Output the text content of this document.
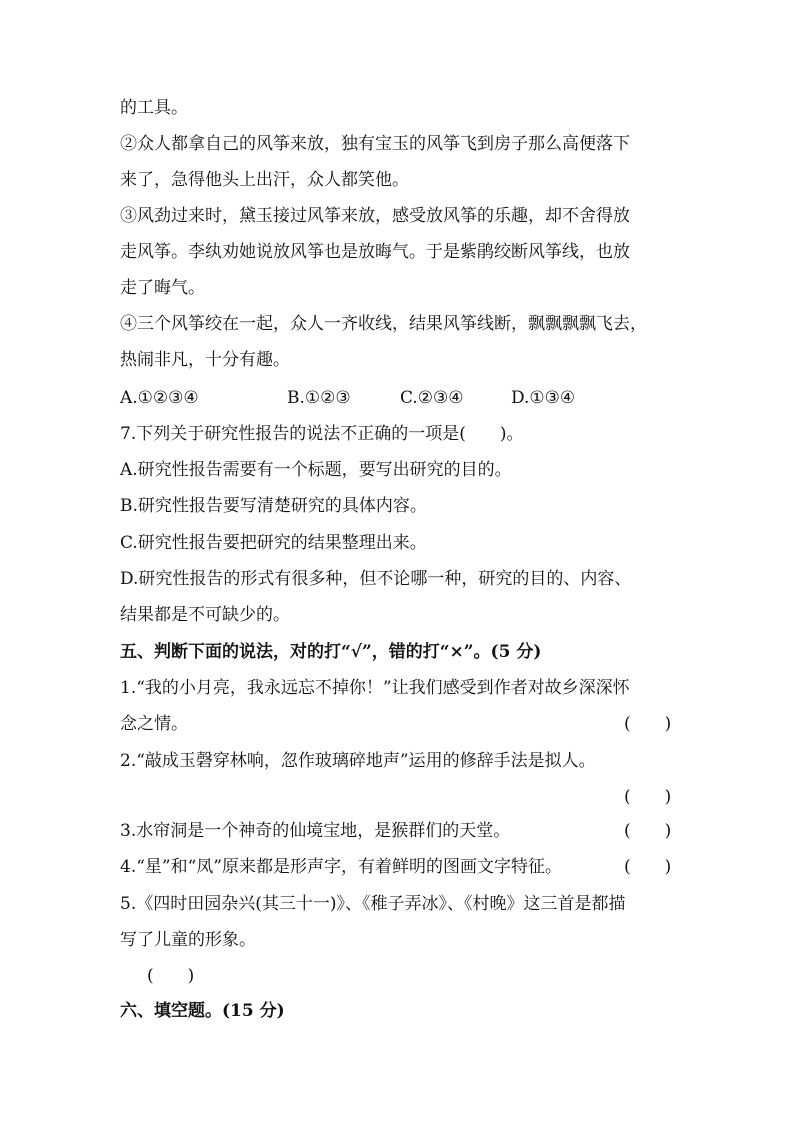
的工具。
②众人都拿自己的风筝来放，独有宝玉的风筝飞到房子那么高便落下
来了，急得他头上出汗，众人都笑他。
③风劲过来时，黛玉接过风筝来放，感受放风筝的乐趣，却不舍得放
走风筝。李纨劝她说放风筝也是放晦气。于是紫鹃绞断风筝线，也放
走了晦气。
④三个风筝绞在一起，众人一齐收线，结果风筝线断，飘飘飘飘飞去，
热闹非凡，十分有趣。
A.①②③④	B.①②③	C.②③④	D.①③④
7.下列关于研究性报告的说法不正确的一项是(　　)。
A.研究性报告需要有一个标题，要写出研究的目的。
B.研究性报告要写清楚研究的具体内容。
C.研究性报告要把研究的结果整理出来。
D.研究性报告的形式有很多种，但不论哪一种，研究的目的、内容、
结果都是不可缺少的。
五、判断下面的说法，对的打“√”，错的打“×”。(5 分)
1.“我的小月亮，我永远忘不掉你！”让我们感受到作者对故乡深深怀
念之情。	(　　)
2.“敲成玉磬穿林响，忽作玻璃碎地声”运用的修辞手法是拟人。
(　　)
3.水帘洞是一个神奇的仙境宝地，是猴群们的天堂。	(　　)
4.“星”和“凤”原来都是形声字，有着鲜明的图画文字特征。	(　　)
5.《四时田园杂兴(其三十一)》、《稚子弄冰》、《村晚》这三首是都描
写了儿童的形象。
(　　)
六、填空题。(15 分)
